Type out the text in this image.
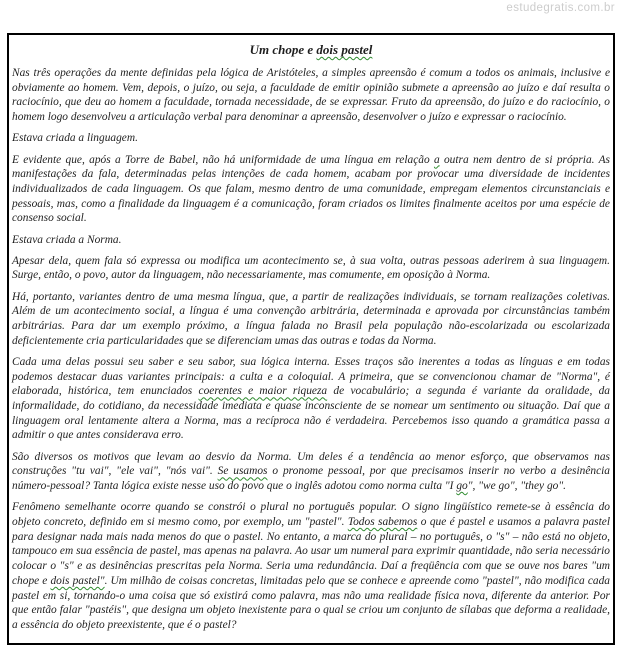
estudegratis.com.br
Um chope e dois pastel

Nas três operações da mente definidas pela lógica de Aristóteles, a simples apreensão é comum a todos os animais, inclusive e obviamente ao homem. Vem, depois, o juízo, ou seja, a faculdade de emitir opinião submete a apreensão ao juízo e daí resulta o raciocínio, que deu ao homem a faculdade, tornada necessidade, de se expressar. Fruto da apreensão, do juízo e do raciocínio, o homem logo desenvolveu a articulação verbal para denominar a apreensão, desenvolver o juízo e expressar o raciocínio.

Estava criada a linguagem.

E evidente que, após a Torre de Babel, não há uniformidade de uma língua em relação a outra nem dentro de si própria. As manifestações da fala, determinadas pelas intenções de cada homem, acabam por provocar uma diversidade de incidentes individualizados de cada linguagem. Os que falam, mesmo dentro de uma comunidade, empregam elementos circunstanciais e pessoais, mas, como a finalidade da linguagem é a comunicação, foram criados os limites finalmente aceitos por uma espécie de consenso social.

Estava criada a Norma.

Apesar dela, quem fala só expressa ou modifica um acontecimento se, à sua volta, outras pessoas aderirem à sua linguagem. Surge, então, o povo, autor da linguagem, não necessariamente, mas comumente, em oposição à Norma.

Há, portanto, variantes dentro de uma mesma língua, que, a partir de realizações individuais, se tornam realizações coletivas. Além de um acontecimento social, a língua é uma convenção arbitrária, determinada e aprovada por circunstâncias também arbitrárias. Para dar um exemplo próximo, a língua falada no Brasil pela população não-escolarizada ou escolarizada deficientemente cria particularidades que se diferenciam umas das outras e todas da Norma.

Cada uma delas possui seu saber e seu sabor, sua lógica interna. Esses traços são inerentes a todas as línguas e em todas podemos destacar duas variantes principais: a culta e a coloquial. A primeira, que se convencionou chamar de "Norma", é elaborada, histórica, tem enunciados coerentes e maior riqueza de vocabulário; a segunda é variante da oralidade, da informalidade, do cotidiano, da necessidade imediata e quase inconsciente de se nomear um sentimento ou situação. Daí que a linguagem oral lentamente altera a Norma, mas a recíproca não é verdadeira. Percebemos isso quando a gramática passa a admitir o que antes considerava erro.

São diversos os motivos que levam ao desvio da Norma. Um deles é a tendência ao menor esforço, que observamos nas construções "tu vai", "ele vai", "nós vai". Se usamos o pronome pessoal, por que precisamos inserir no verbo a desinência número-pessoal? Tanta lógica existe nesse uso do povo que o inglês adotou como norma culta "I go", "we go", "they go".

Fenômeno semelhante ocorre quando se constrói o plural no português popular. O signo lingüístico remete-se à essência do objeto concreto, definido em si mesmo como, por exemplo, um "pastel". Todos sabemos o que é pastel e usamos a palavra pastel para designar nada mais nada menos do que o pastel. No entanto, a marca do plural – no português, o "s" – não está no objeto, tampouco em sua essência de pastel, mas apenas na palavra. Ao usar um numeral para exprimir quantidade, não seria necessário colocar o "s" e as desinências prescritas pela Norma. Seria uma redundância. Daí a freqüência com que se ouve nos bares "um chope e dois pastel". Um milhão de coisas concretas, limitadas pelo que se conhece e apreende como "pastel", não modifica cada pastel em si, tornando-o uma coisa que só existirá como palavra, mas não uma realidade física nova, diferente da anterior. Por que então falar "pastéis", que designa um objeto inexistente para o qual se criou um conjunto de sílabas que deforma a realidade, a essência do objeto preexistente, que é o pastel?
